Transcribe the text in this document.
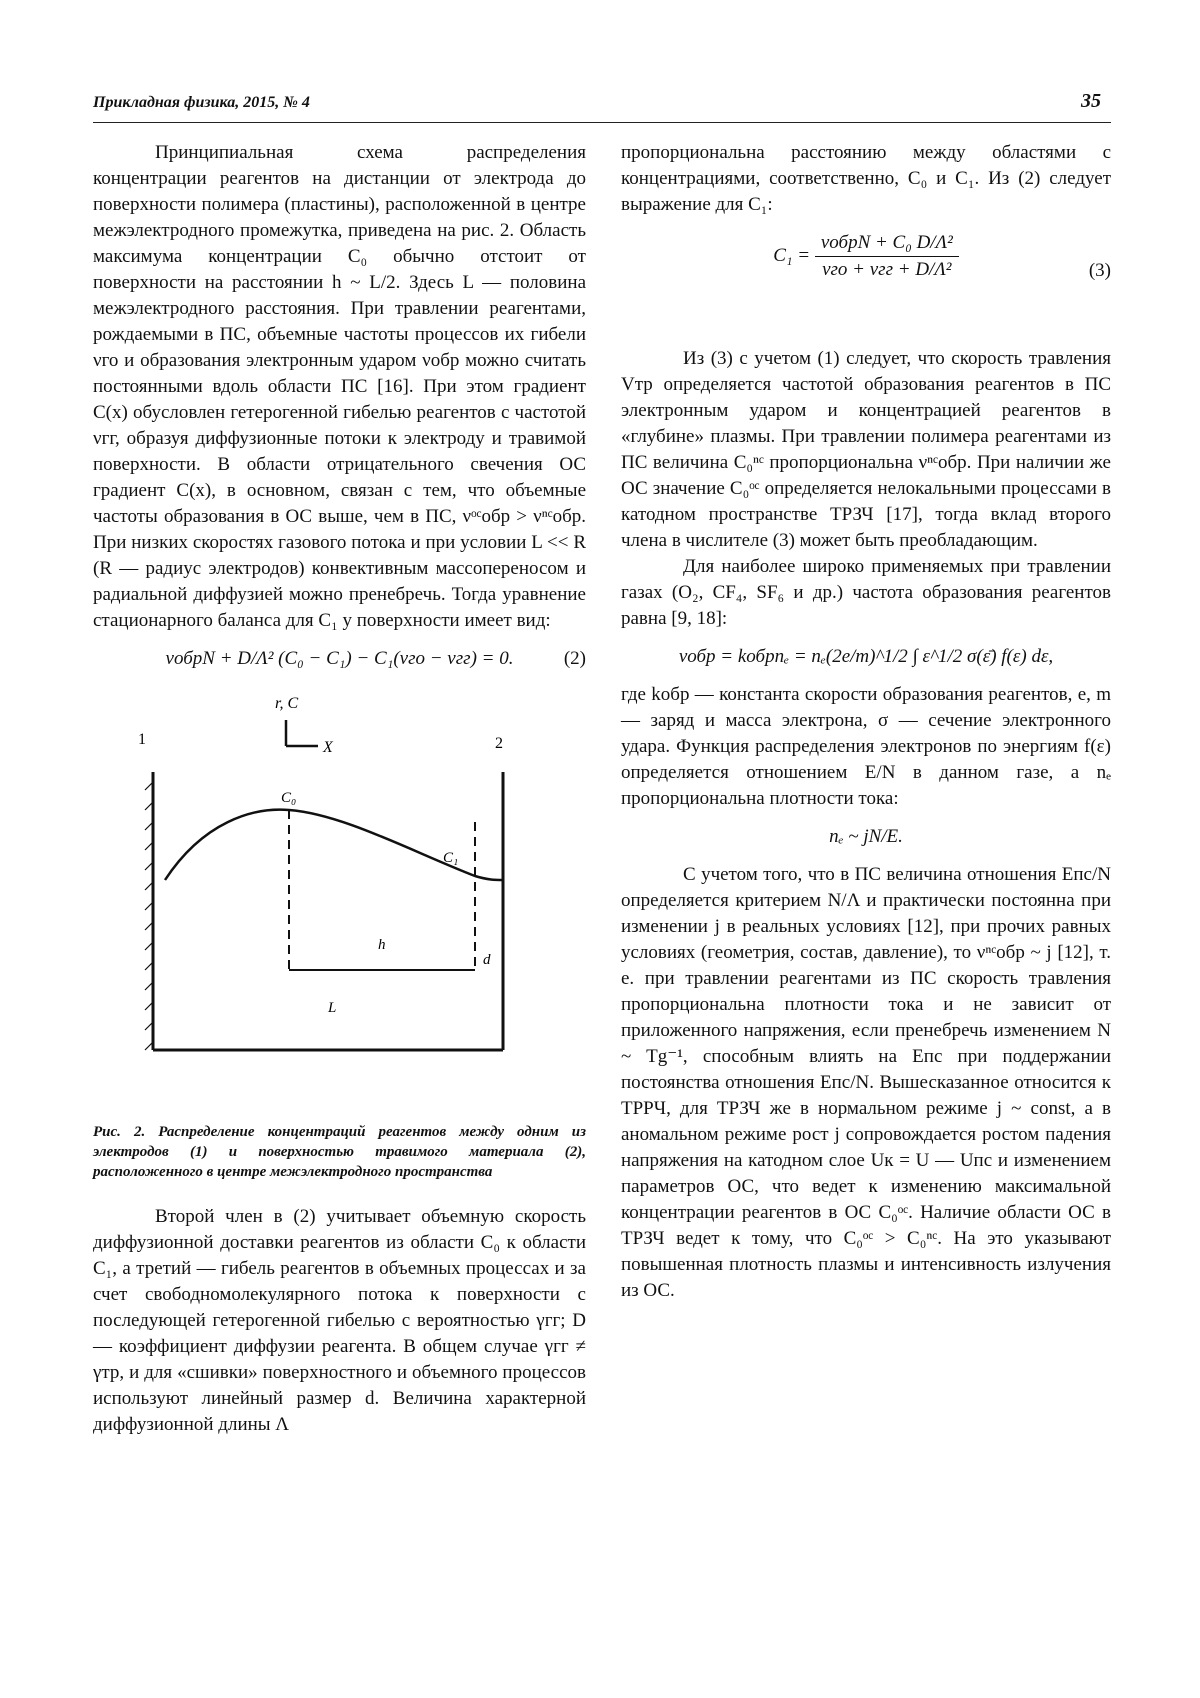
Прикладная физика, 2015, № 4	35

Принципиальная схема распределения концентрации реагентов на дистанции от электрода до поверхности полимера (пластины), расположенной в центре межэлектродного промежутка, приведена на рис. 2. Область максимума концентрации C₀ обычно отстоит от поверхности на расстоянии h ~ L/2. Здесь L — половина межэлектродного расстояния. При травлении реагентами, рождаемыми в ПС, объемные частоты процессов их гибели νго и образования электронным ударом νобр можно считать постоянными вдоль области ПС [16]. При этом градиент C(x) обусловлен гетерогенной гибелью реагентов с частотой νгг, образуя диффузионные потоки к электроду и травимой поверхности. В области отрицательного свечения ОС градиент C(x), в основном, связан с тем, что объемные частоты образования в ОС выше, чем в ПС, νᵒᶜобр > νⁿᶜобр. При низких скоростях газового потока и при условии L << R (R — радиус электродов) конвективным массопереносом и радиальной диффузией можно пренебречь. Тогда уравнение стационарного баланса для C₁ у поверхности имеет вид:

νобрN + D/Λ² (C₀ − C₁) − C₁(νго − νгг) = 0.	(2)
r, C
X
1	2
C₀
C₁
h
d
L

Рис. 2. Распределение концентраций реагентов между одним из электродов (1) и поверхностью травимого материала (2), расположенного в центре межэлектродного пространства

Второй член в (2) учитывает объемную скорость диффузионной доставки реагентов из области C₀ к области C₁, а третий — гибель реагентов в объемных процессах и за счет свободномолекулярного потока к поверхности с последующей гетерогенной гибелью с вероятностью γгг; D — коэффициент диффузии реагента. В общем случае γгг ≠ γтр, и для «сшивки» поверхностного и объемного процессов используют линейный размер d. Величина характерной диффузионной длины Λ

пропорциональна расстоянию между областями с концентрациями, соответственно, C₀ и C₁. Из (2) следует выражение для C₁:

$C_1 = \frac{\text{νобрN + C₀ D/Λ²}}{\text{νго + νгг + D/Λ²}}$	(3)

Из (3) с учетом (1) следует, что скорость травления Vтр определяется частотой образования реагентов в ПС электронным ударом и концентрацией реагентов в «глубине» плазмы. При травлении полимера реагентами из ПС величина C₀ⁿᶜ пропорциональна νⁿᶜобр. При наличии же ОС значение C₀ᵒᶜ определяется нелокальными процессами в катодном пространстве ТРЗЧ [17], тогда вклад второго члена в числителе (3) может быть преобладающим.

Для наиболее широко применяемых при травлении газах (O₂, CF₄, SF₆ и др.) частота образования реагентов равна [9, 18]:

νобр = kобрnₑ = nₑ(2e/m)^1/2 ∫ ε^1/2 σ(ε̄) f(ε) dε,

где kобр — константа скорости образования реагентов, e, m — заряд и масса электрона, σ — сечение электронного удара. Функция распределения электронов по энергиям f(ε) определяется отношением E/N в данном газе, а nₑ пропорциональна плотности тока:

nₑ ~ jN/E.

С учетом того, что в ПС величина отношения Eпс/N определяется критерием N/Λ и практически постоянна при изменении j в реальных условиях [12], при прочих равных условиях (геометрия, состав, давление), то νⁿᶜобр ~ j [12], т. е. при травлении реагентами из ПС скорость травления пропорциональна плотности тока и не зависит от приложенного напряжения, если пренебречь изменением N ~ Tg⁻¹, способным влиять на Eпс при поддержании постоянства отношения Eпс/N. Вышесказанное относится к ТРРЧ, для ТРЗЧ же в нормальном режиме j ~ const, а в аномальном режиме рост j сопровождается ростом падения напряжения на катодном слое Uк = U — Uпс и изменением параметров ОС, что ведет к изменению максимальной концентрации реагентов в ОС C₀ᵒᶜ. Наличие области ОС в ТРЗЧ ведет к тому, что C₀ᵒᶜ > C₀ⁿᶜ. На это указывают повышенная плотность плазмы и интенсивность излучения из ОС.
